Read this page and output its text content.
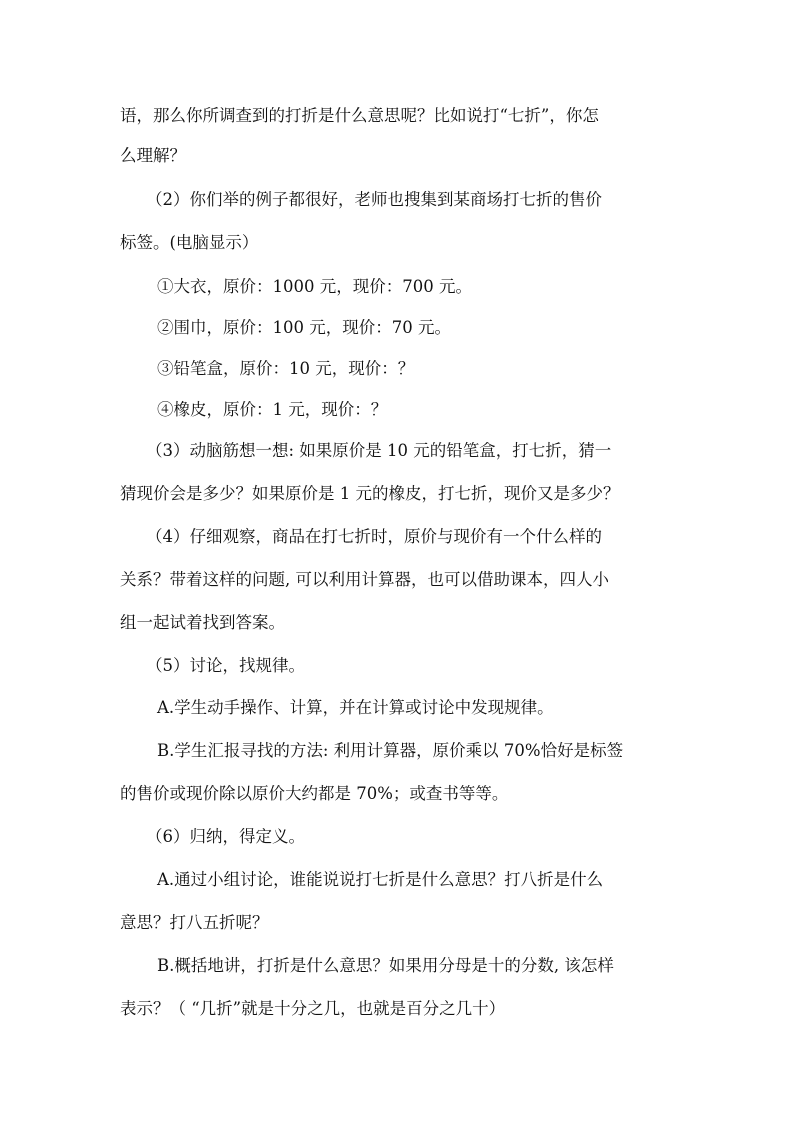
语，那么你所调查到的打折是什么意思呢？比如说打“七折”，你怎
么理解？
（2）你们举的例子都很好，老师也搜集到某商场打七折的售价
标签。(电脑显示）
①大衣，原价：1000 元，现价：700 元。
②围巾，原价：100 元，现价：70 元。
③铅笔盒，原价：10 元，现价：？
④橡皮，原价：1 元，现价：？
（3）动脑筋想一想: 如果原价是 10 元的铅笔盒，打七折，猜一
猜现价会是多少？如果原价是 1 元的橡皮，打七折，现价又是多少？
（4）仔细观察，商品在打七折时，原价与现价有一个什么样的
关系？带着这样的问题, 可以利用计算器，也可以借助课本，四人小
组一起试着找到答案。
（5）讨论，找规律。
A.学生动手操作、计算，并在计算或讨论中发现规律。
B.学生汇报寻找的方法: 利用计算器，原价乘以 70%恰好是标签
的售价或现价除以原价大约都是 70%；或查书等等。
（6）归纳，得定义。
A.通过小组讨论，谁能说说打七折是什么意思？打八折是什么
意思？打八五折呢？
B.概括地讲，打折是什么意思？如果用分母是十的分数, 该怎样
表示？（ “几折”就是十分之几，也就是百分之几十）
